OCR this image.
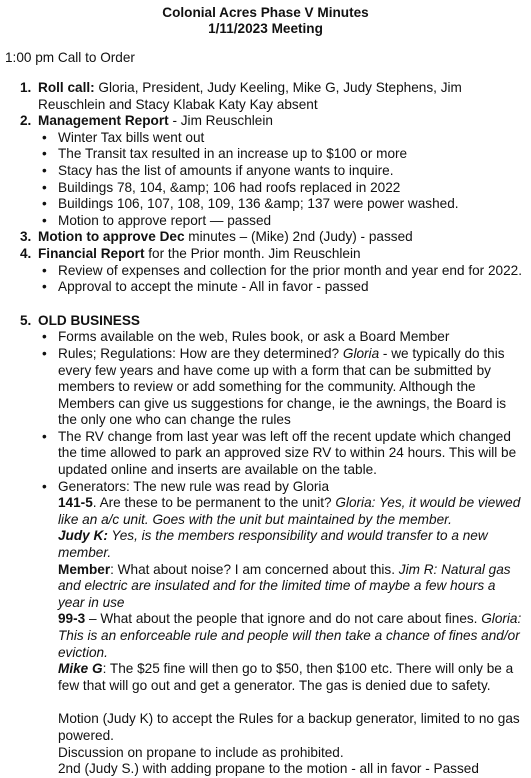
Colonial Acres Phase V Minutes
1/11/2023 Meeting
1:00 pm Call to Order
1. Roll call: Gloria, President, Judy Keeling, Mike G, Judy Stephens, Jim Reuschlein and Stacy Klabak Katy Kay absent
2. Management Report - Jim Reuschlein
• Winter Tax bills went out
• The Transit tax resulted in an increase up to $100 or more
• Stacy has the list of amounts if anyone wants to inquire.
• Buildings 78, 104, &amp; 106 had roofs replaced in 2022
• Buildings 106, 107, 108, 109, 136 &amp; 137 were power washed.
• Motion to approve report — passed
3. Motion to approve Dec minutes – (Mike) 2nd (Judy) - passed
4. Financial Report for the Prior month. Jim Reuschlein
• Review of expenses and collection for the prior month and year end for 2022.
• Approval to accept the minute - All in favor - passed
5. OLD BUSINESS
• Forms available on the web, Rules book, or ask a Board Member
• Rules; Regulations: How are they determined? Gloria - we typically do this every few years and have come up with a form that can be submitted by members to review or add something for the community. Although the Members can give us suggestions for change, ie the awnings, the Board is the only one who can change the rules
• The RV change from last year was left off the recent update which changed the time allowed to park an approved size RV to within 24 hours. This will be updated online and inserts are available on the table.
• Generators: The new rule was read by Gloria
141-5. Are these to be permanent to the unit? Gloria: Yes, it would be viewed like an a/c unit. Goes with the unit but maintained by the member.
Judy K: Yes, is the members responsibility and would transfer to a new member.
Member: What about noise? I am concerned about this. Jim R: Natural gas and electric are insulated and for the limited time of maybe a few hours a year in use
99-3 – What about the people that ignore and do not care about fines. Gloria: This is an enforceable rule and people will then take a chance of fines and/or eviction.
Mike G: The $25 fine will then go to $50, then $100 etc. There will only be a few that will go out and get a generator. The gas is denied due to safety.
Motion (Judy K) to accept the Rules for a backup generator, limited to no gas powered.
Discussion on propane to include as prohibited.
2nd (Judy S.) with adding propane to the motion - all in favor - Passed
